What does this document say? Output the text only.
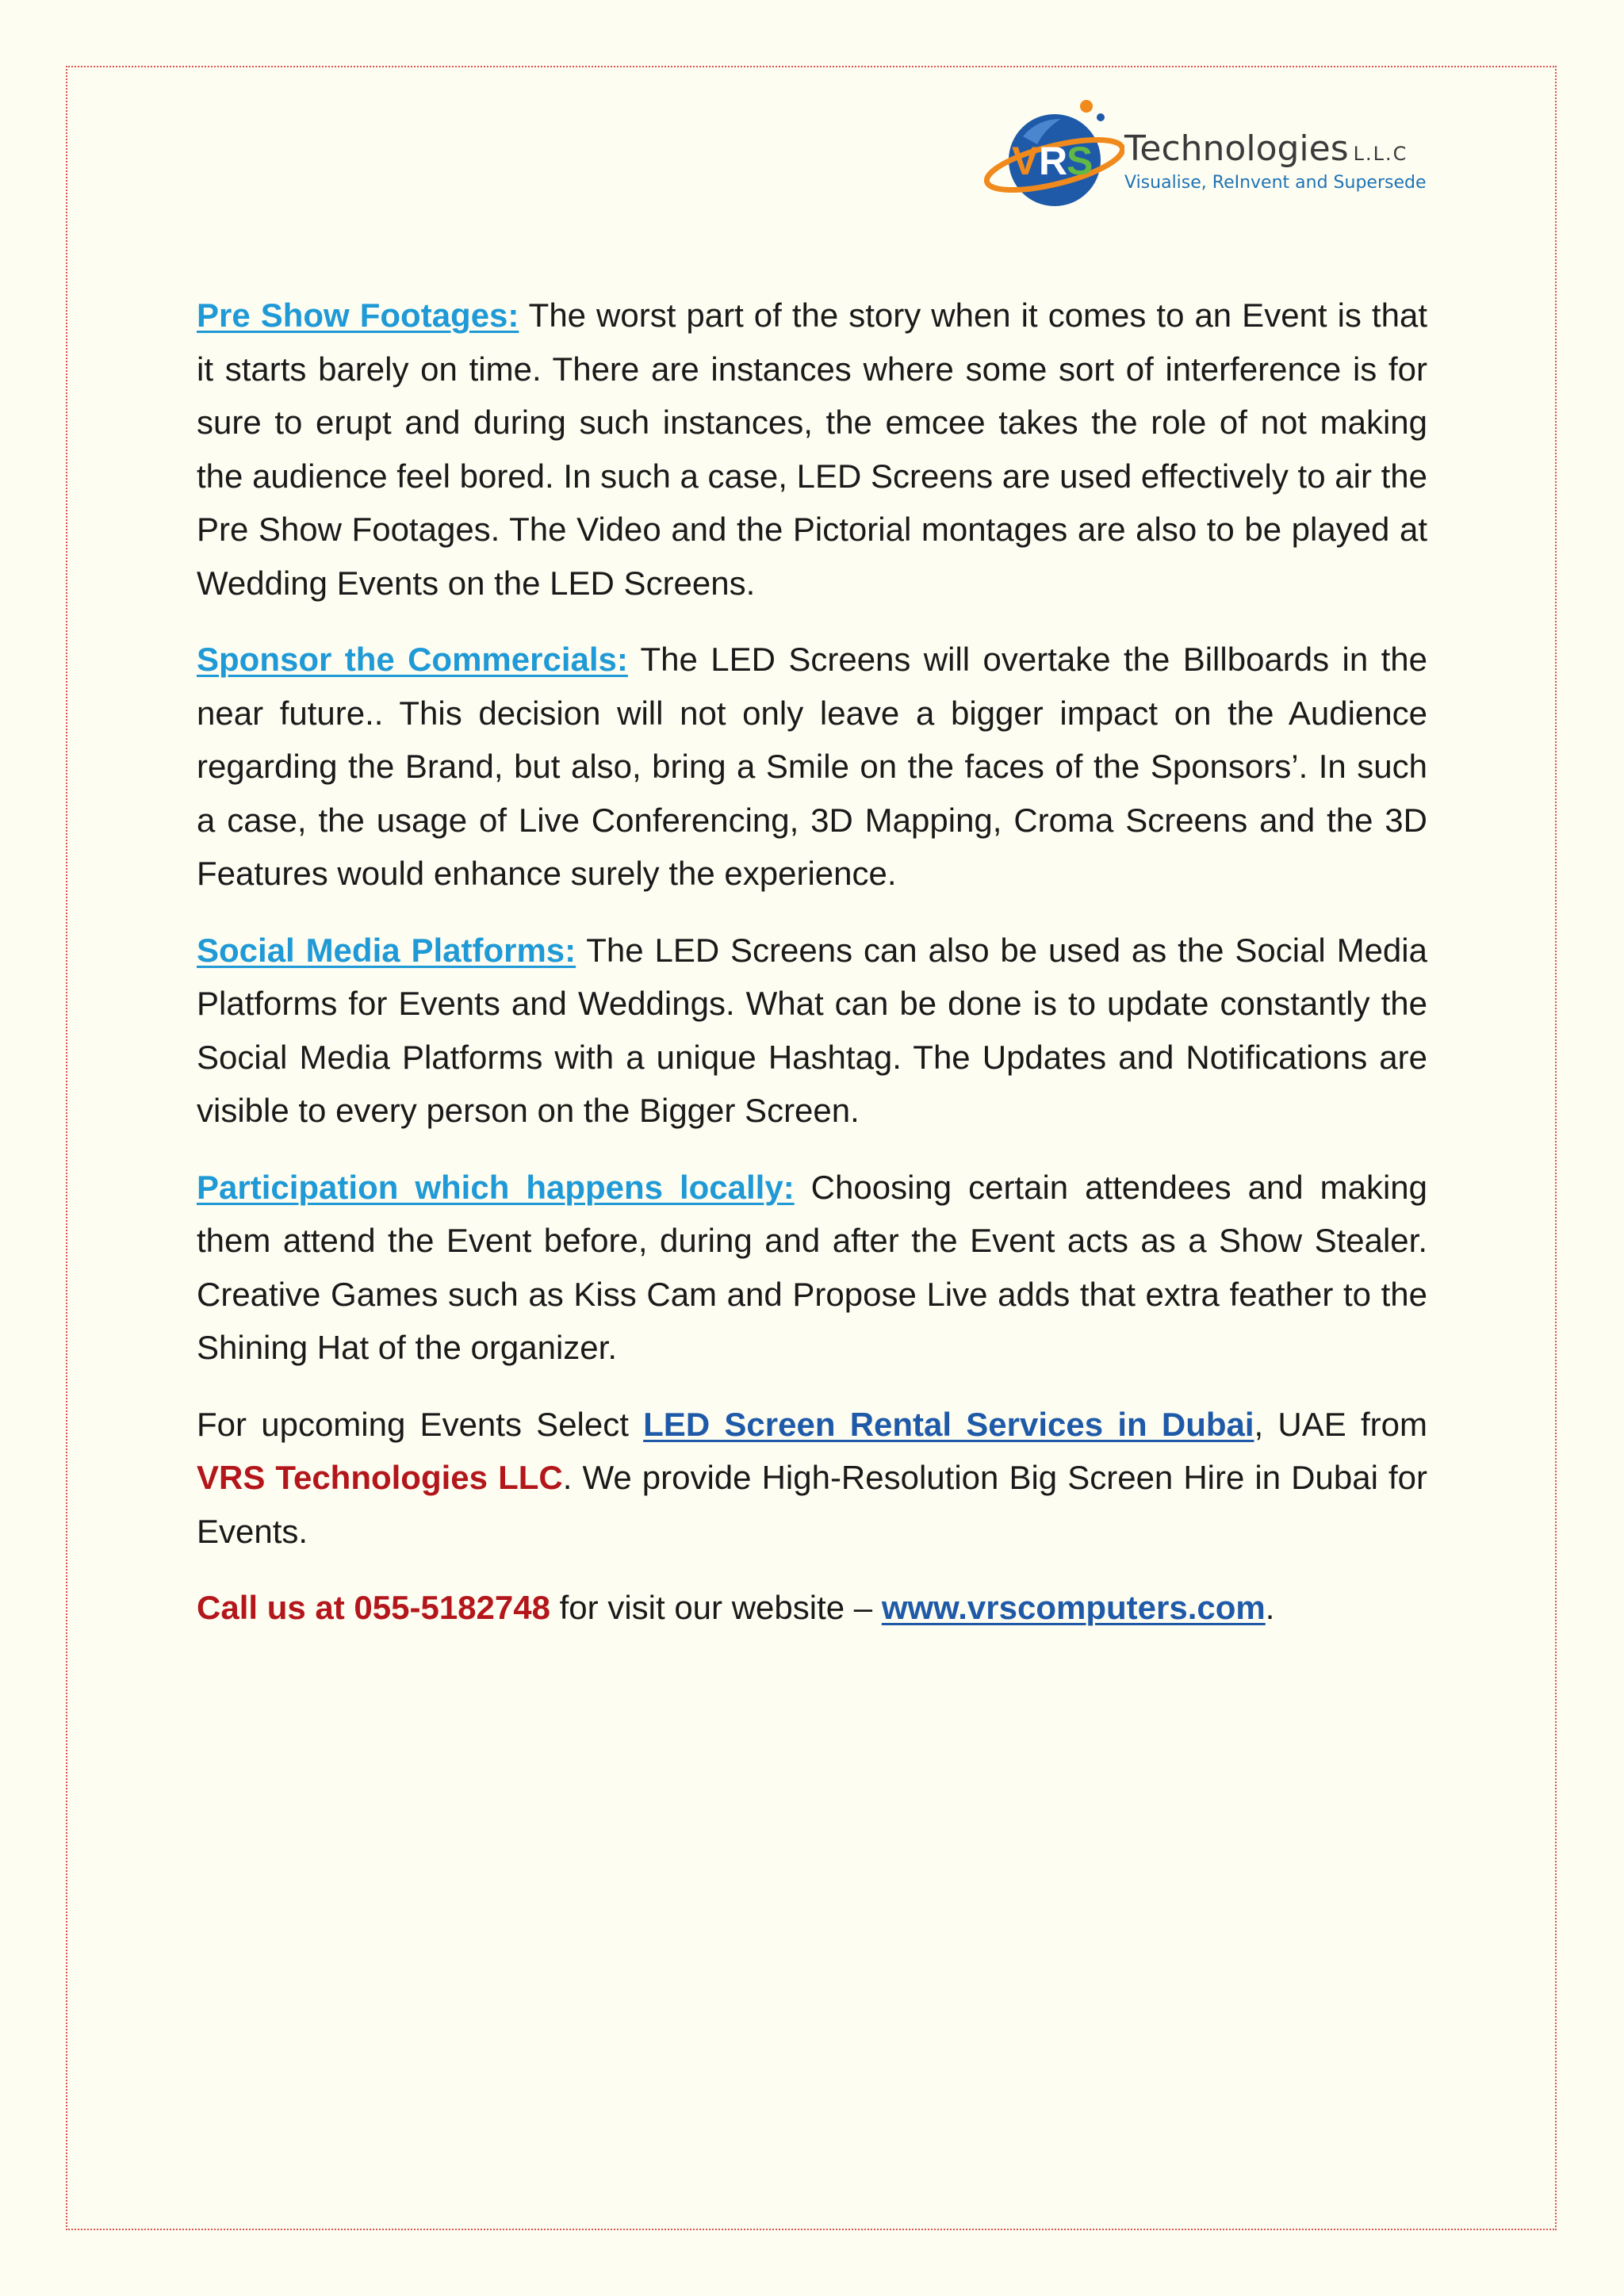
V R
S Technologies L.L.C
Visualise, ReInvent and Supersede

Pre Show Footages: The worst part of the story when it comes to an Event is that it starts barely on time. There are instances where some sort of interference is for sure to erupt and during such instances, the emcee takes the role of not making the audience feel bored. In such a case, LED Screens are used effectively to air the Pre Show Footages. The Video and the Pictorial montages are also to be played at Wedding Events on the LED Screens.

Sponsor the Commercials: The LED Screens will overtake the Billboards in the near future.. This decision will not only leave a bigger impact on the Audience regarding the Brand, but also, bring a Smile on the faces of the Sponsors’. In such a case, the usage of Live Conferencing, 3D Mapping, Croma Screens and the 3D Features would enhance surely the experience.

Social Media Platforms: The LED Screens can also be used as the Social Media Platforms for Events and Weddings. What can be done is to update constantly the Social Media Platforms with a unique Hashtag. The Updates and Notifications are visible to every person on the Bigger Screen.

Participation which happens locally: Choosing certain attendees and making them attend the Event before, during and after the Event acts as a Show Stealer. Creative Games such as Kiss Cam and Propose Live adds that extra feather to the Shining Hat of the organizer.

For upcoming Events Select LED Screen Rental Services in Dubai, UAE from VRS Technologies LLC. We provide High-Resolution Big Screen Hire in Dubai for Events.

Call us at 055-5182748 for visit our website – www.vrscomputers.com.
